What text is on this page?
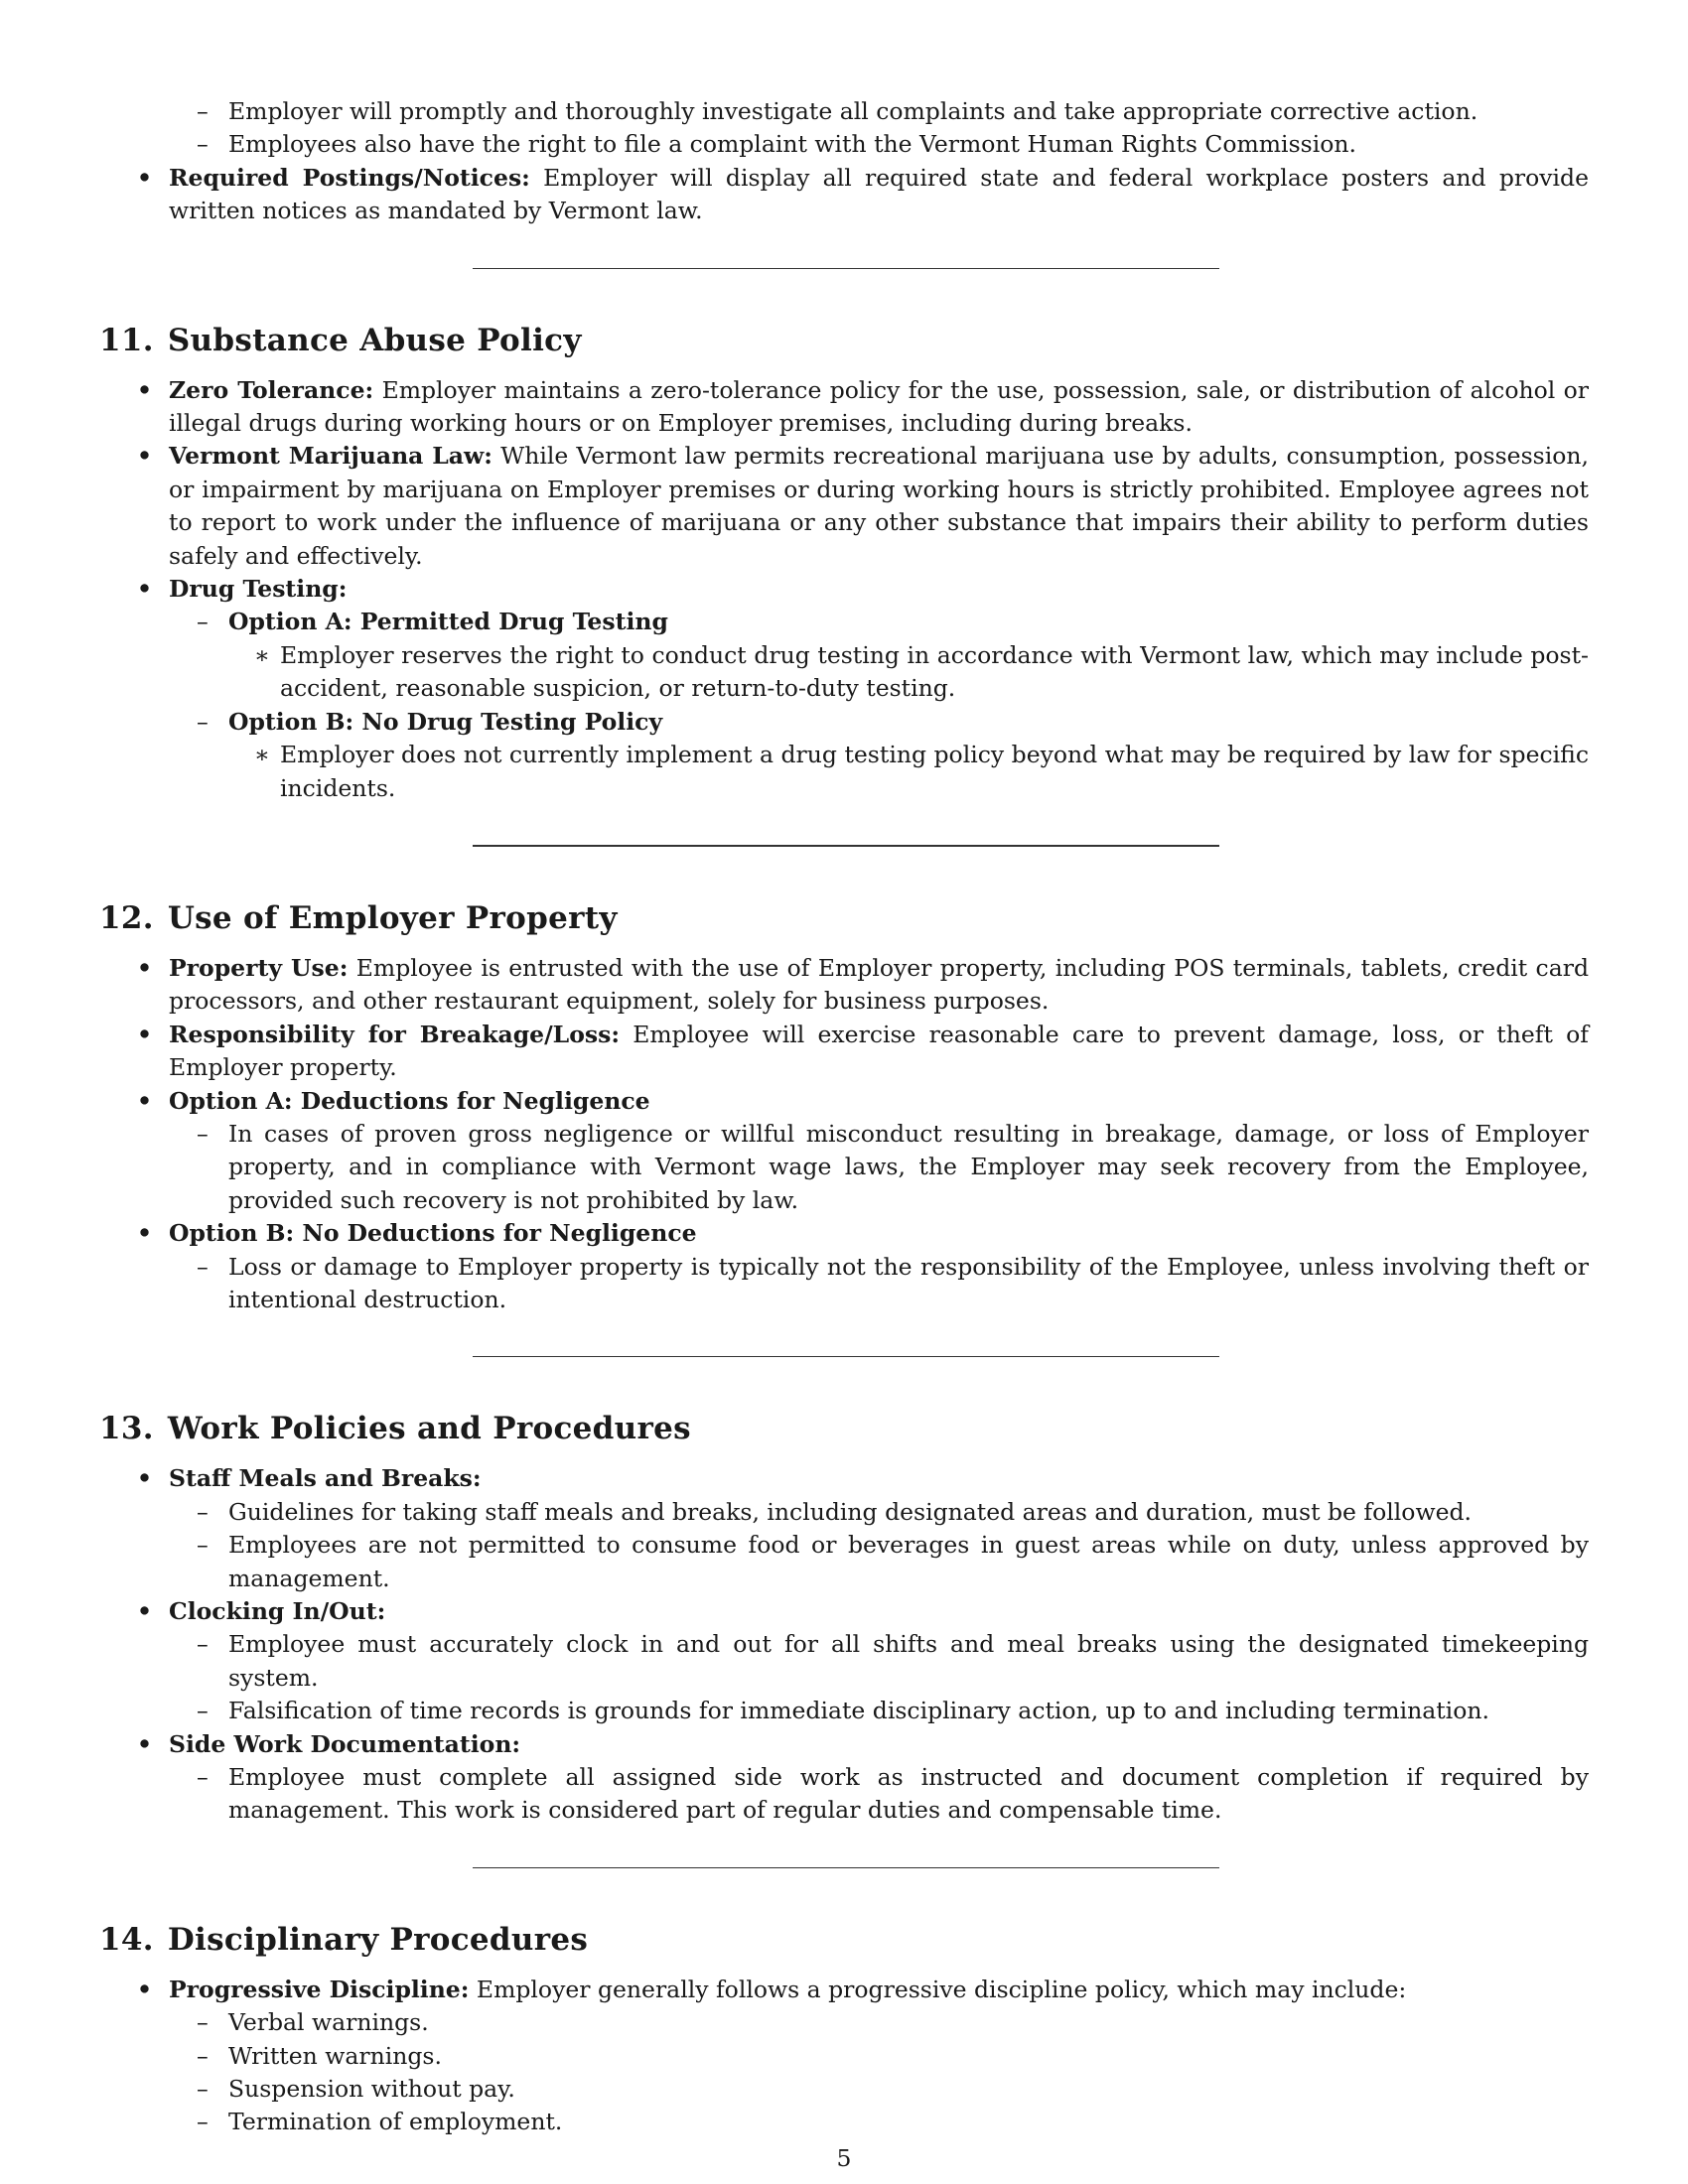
– Employer will promptly and thoroughly investigate all complaints and take appropriate corrective action.

– Employees also have the right to file a complaint with the Vermont Human Rights Commission.

• Required Postings/Notices: Employer will display all required state and federal workplace posters and provide written notices as mandated by Vermont law.
11. Substance Abuse Policy
• Zero Tolerance: Employer maintains a zero-tolerance policy for the use, possession, sale, or distribution of alcohol or illegal drugs during working hours or on Employer premises, including during breaks.
• Vermont Marijuana Law: While Vermont law permits recreational marijuana use by adults, consumption, possession, or impairment by marijuana on Employer premises or during working hours is strictly prohibited. Employee agrees not to report to work under the influence of marijuana or any other substance that impairs their ability to perform duties safely and effectively.
• Drug Testing:
– Option A: Permitted Drug Testing
∗ Employer reserves the right to conduct drug testing in accordance with Vermont law, which may include post-accident, reasonable suspicion, or return-to-duty testing.
– Option B: No Drug Testing Policy
∗ Employer does not currently implement a drug testing policy beyond what may be required by law for specific incidents.
12. Use of Employer Property
• Property Use: Employee is entrusted with the use of Employer property, including POS terminals, tablets, credit card processors, and other restaurant equipment, solely for business purposes.
• Responsibility for Breakage/Loss: Employee will exercise reasonable care to prevent damage, loss, or theft of Employer property.
• Option A: Deductions for Negligence
– In cases of proven gross negligence or willful misconduct resulting in breakage, damage, or loss of Employer property, and in compliance with Vermont wage laws, the Employer may seek recovery from the Employee, provided such recovery is not prohibited by law.
• Option B: No Deductions for Negligence
– Loss or damage to Employer property is typically not the responsibility of the Employee, unless involving theft or intentional destruction.
13. Work Policies and Procedures
• Staff Meals and Breaks:
– Guidelines for taking staff meals and breaks, including designated areas and duration, must be followed.
– Employees are not permitted to consume food or beverages in guest areas while on duty, unless approved by management.
• Clocking In/Out:
– Employee must accurately clock in and out for all shifts and meal breaks using the designated timekeeping system.
– Falsification of time records is grounds for immediate disciplinary action, up to and including termination.
• Side Work Documentation:
– Employee must complete all assigned side work as instructed and document completion if required by management. This work is considered part of regular duties and compensable time.
14. Disciplinary Procedures
• Progressive Discipline: Employer generally follows a progressive discipline policy, which may include:
– Verbal warnings.
– Written warnings.
– Suspension without pay.
– Termination of employment.
5
